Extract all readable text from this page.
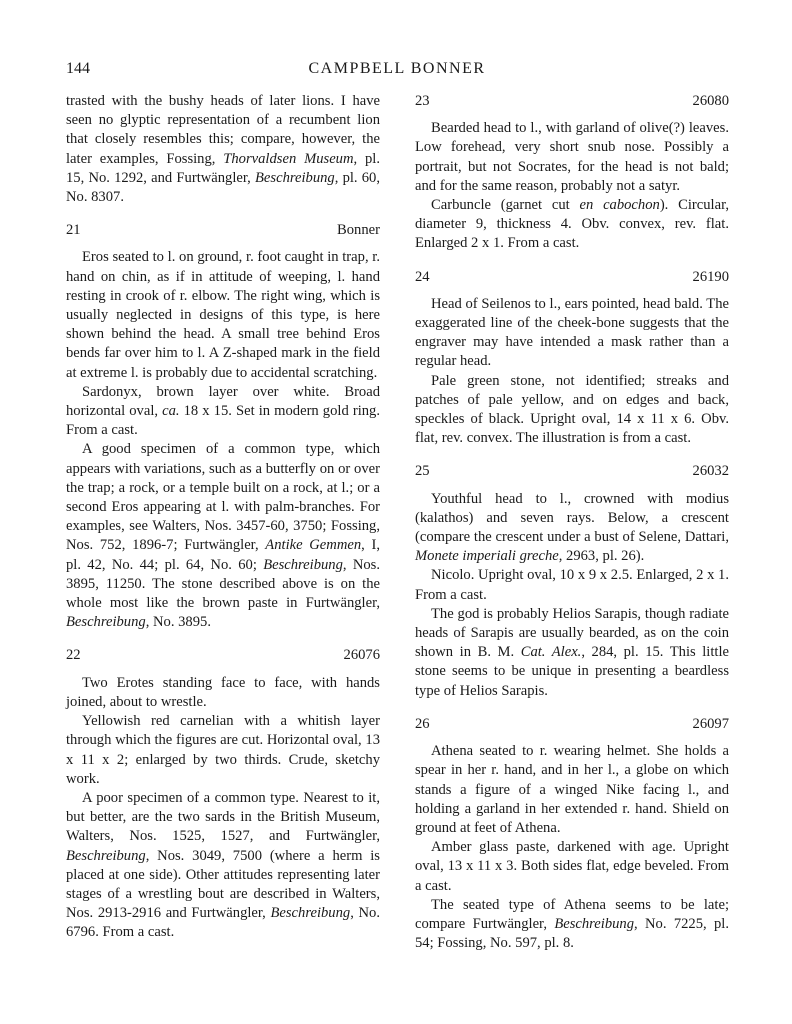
144	CAMPBELL BONNER

trasted with the bushy heads of later lions. I have seen no glyptic representation of a recumbent lion that closely resembles this; compare, however, the later examples, Fossing, Thorvaldsen Museum, pl. 15, No. 1292, and Furtwängler, Beschreibung, pl. 60, No. 8307.

21	Bonner

Eros seated to l. on ground, r. foot caught in trap, r. hand on chin, as if in attitude of weeping, l. hand resting in crook of r. elbow. The right wing, which is usually neglected in designs of this type, is here shown behind the head. A small tree behind Eros bends far over him to l. A Z-shaped mark in the field at extreme l. is probably due to accidental scratching.

Sardonyx, brown layer over white. Broad horizontal oval, ca. 18 x 15. Set in modern gold ring. From a cast.

A good specimen of a common type, which appears with variations, such as a butterfly on or over the trap; a rock, or a temple built on a rock, at l.; or a second Eros appearing at l. with palm-branches. For examples, see Walters, Nos. 3457-60, 3750; Fossing, Nos. 752, 1896-7; Furtwängler, Antike Gemmen, I, pl. 42, No. 44; pl. 64, No. 60; Beschreibung, Nos. 3895, 11250. The stone described above is on the whole most like the brown paste in Furtwängler, Beschreibung, No. 3895.

22	26076

Two Erotes standing face to face, with hands joined, about to wrestle.

Yellowish red carnelian with a whitish layer through which the figures are cut. Horizontal oval, 13 x 11 x 2; enlarged by two thirds. Crude, sketchy work.

A poor specimen of a common type. Nearest to it, but better, are the two sards in the British Museum, Walters, Nos. 1525, 1527, and Furtwängler, Beschreibung, Nos. 3049, 7500 (where a herm is placed at one side). Other attitudes representing later stages of a wrestling bout are described in Walters, Nos. 2913-2916 and Furtwängler, Beschreibung, No. 6796. From a cast.

23	26080

Bearded head to l., with garland of olive(?) leaves. Low forehead, very short snub nose. Possibly a portrait, but not Socrates, for the head is not bald; and for the same reason, probably not a satyr.

Carbuncle (garnet cut en cabochon). Circular, diameter 9, thickness 4. Obv. convex, rev. flat. Enlarged 2 x 1. From a cast.

24	26190

Head of Seilenos to l., ears pointed, head bald. The exaggerated line of the cheek-bone suggests that the engraver may have intended a mask rather than a regular head.

Pale green stone, not identified; streaks and patches of pale yellow, and on edges and back, speckles of black. Upright oval, 14 x 11 x 6. Obv. flat, rev. convex. The illustration is from a cast.

25	26032

Youthful head to l., crowned with modius (kalathos) and seven rays. Below, a crescent (compare the crescent under a bust of Selene, Dattari, Monete imperiali greche, 2963, pl. 26).

Nicolo. Upright oval, 10 x 9 x 2.5. Enlarged, 2 x 1. From a cast.

The god is probably Helios Sarapis, though radiate heads of Sarapis are usually bearded, as on the coin shown in B. M. Cat. Alex., 284, pl. 15. This little stone seems to be unique in presenting a beardless type of Helios Sarapis.

26	26097

Athena seated to r. wearing helmet. She holds a spear in her r. hand, and in her l., a globe on which stands a figure of a winged Nike facing l., and holding a garland in her extended r. hand. Shield on ground at feet of Athena.

Amber glass paste, darkened with age. Upright oval, 13 x 11 x 3. Both sides flat, edge beveled. From a cast.

The seated type of Athena seems to be late; compare Furtwängler, Beschreibung, No. 7225, pl. 54; Fossing, No. 597, pl. 8.
